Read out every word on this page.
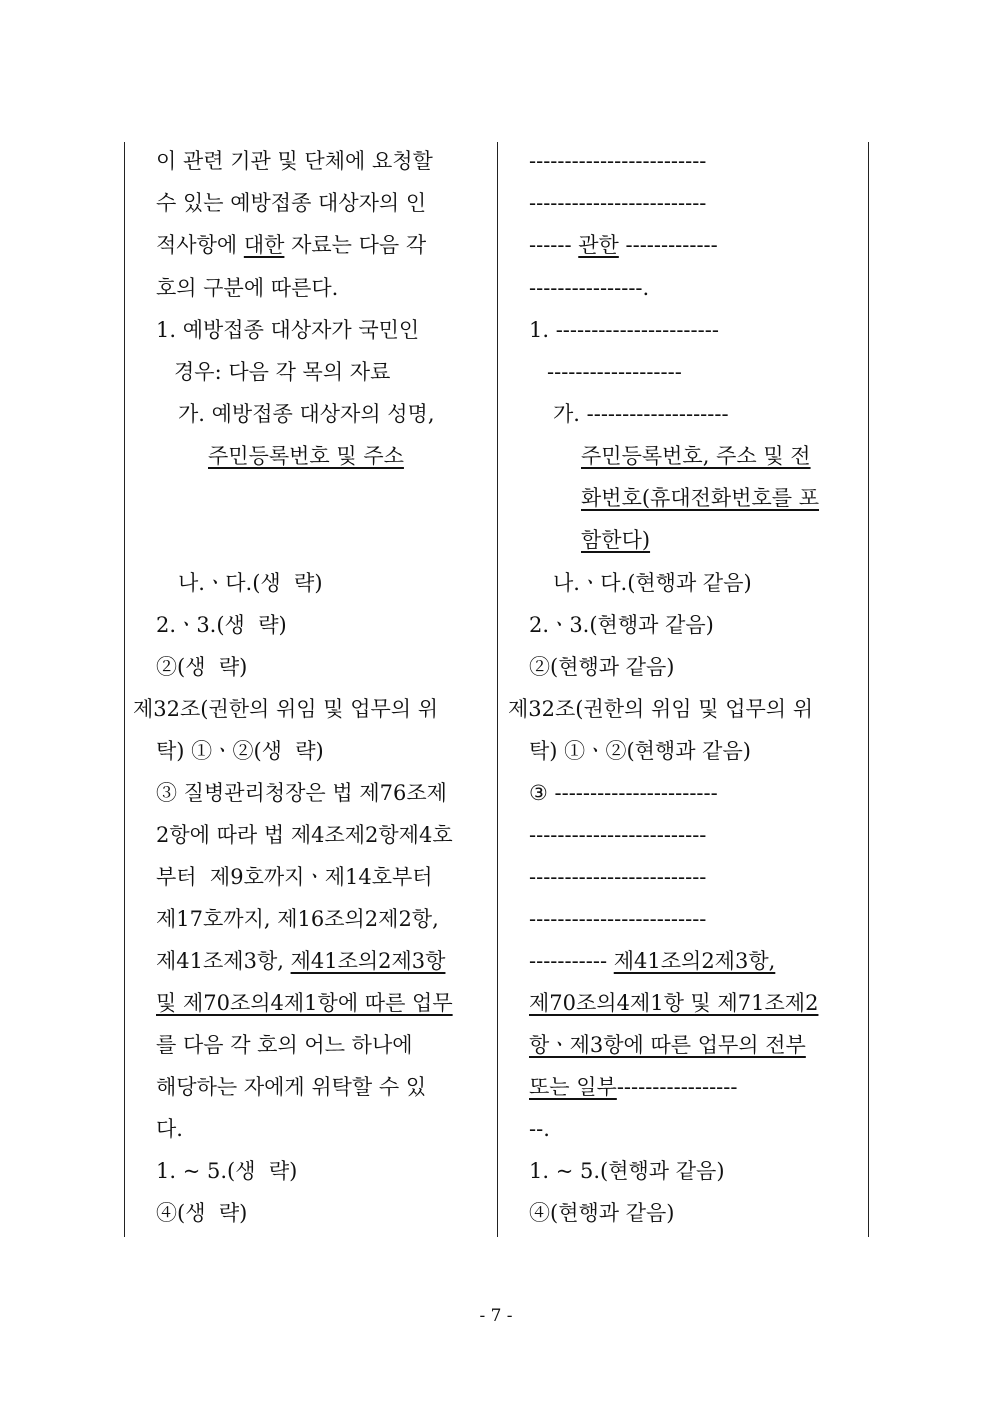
이 관련 기관 및 단체에 요청할
수 있는 예방접종 대상자의 인
적사항에 대한 자료는 다음 각
호의 구분에 따른다.
1. 예방접종 대상자가 국민인
경우: 다음 각 목의 자료
가. 예방접종 대상자의 성명,
주민등록번호 및 주소
나.ㆍ다.(생  략)
2.ㆍ3.(생  략)
②(생  략)
제32조(권한의 위임 및 업무의 위
탁) ①ㆍ②(생  략)
③ 질병관리청장은 법 제76조제
2항에 따라 법 제4조제2항제4호
부터  제9호까지ㆍ제14호부터
제17호까지, 제16조의2제2항,
제41조제3항, 제41조의2제3항
및 제70조의4제1항에 따른 업무
를 다음 각 호의 어느 하나에
해당하는 자에게 위탁할 수 있
다.
1. ~ 5.(생  략)
④(생  략)
-------------------------
-------------------------
------ 관한 -------------
----------------.
1. -----------------------
-------------------
가. --------------------
주민등록번호, 주소 및 전
화번호(휴대전화번호를 포
함한다)
나.ㆍ다.(현행과 같음)
2.ㆍ3.(현행과 같음)
②(현행과 같음)
제32조(권한의 위임 및 업무의 위
탁) ①ㆍ②(현행과 같음)
③ -----------------------
-------------------------
-------------------------
-------------------------
----------- 제41조의2제3항,
제70조의4제1항 및 제71조제2
항ㆍ제3항에 따른 업무의 전부
또는 일부-----------------
--.
1. ~ 5.(현행과 같음)
④(현행과 같음)
- 7 -
